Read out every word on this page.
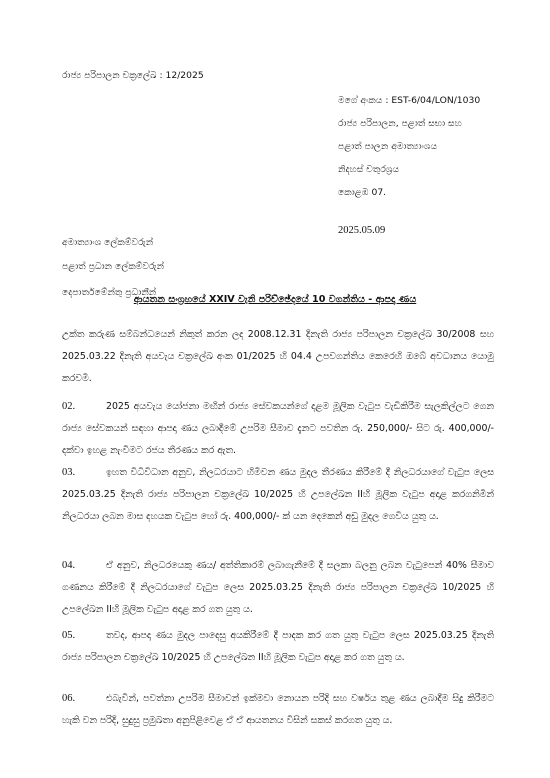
රාජ්‍ය පරිපාලන චක්‍රලේඛ : 12/2025
මගේ අංකය : EST-6/04/LON/1030
රාජ්‍ය පරිපාලන, පළාත් සභා සහ
පළාත් පාලන අමාත්‍යාංශය
නිදහස් චතුරශ්‍රය
කොළඹ 07.
2025.05.09
අමාත්‍යාංශ ලේකම්වරුන්
පළාත් ප්‍රධාන ලේකම්වරුන්
දෙපාර්තමේන්තු ප්‍රධානීන්
ආයතන සංග්‍රහයේ XXIV වැනි පරිච්ඡේදයේ 10 වගන්තිය - ආපදා ණය
උක්ත කරුණ සම්බන්ධයෙන් නිකුත් කරන ලද 2008.12.31 දිනැති රාජ්‍ය පරිපාලන චක්‍රලේඛ 30/2008 සහ 2025.03.22 දිනැති අයවැය චක්‍රලේඛ අංක 01/2025 හි 04.4 උපවගන්තිය කෙරෙහි ඔබේ අවධානය යොමු කරවමි.
02.	2025 අයවැය යෝජනා මඟින් රාජ්‍ය සේවකයන්ගේ දළම මූලික වැටුප වැඩිකිරීම සැලකිල්ලට ගෙන රාජ්‍ය සේවකයන් සඳහා ආපදා ණය ලබාදීමේ උපරිම සීමාව දැනට පවතින රු. 250,000/- සිට රු. 400,000/- දක්වා ඉහළ නැංවීමට රජය තීරණය කර ඇත.
03.	ඉහත විධිවිධාන අනුව, නිලධරයාට හිමිවන ණය මුදල තීරණය කිරීමේ දී නිලධරයාගේ වැටුප ලෙස 2025.03.25 දිනැති රාජ්‍ය පරිපාලන චක්‍රලේඛ 10/2025 හි උපලේඛන IIහි මූලික වැටුප අදාළ කරගනිමින් නිලධරයා ලබන මාස දහයක වැටුප හෝ රු. 400,000/- ක් යන දෙකෙන් අඩු මුදල ගෙවිය යුතු ය.
04.	ඒ අනුව, නිලධරයෙකු ණය/ අත්තිකාරම් ලබාගැනීමේ දී සලකා බලනු ලබන වැටුපෙන් 40% සීමාව ගණනය කිරීමේ දී නිලධරයාගේ වැටුප ලෙස 2025.03.25 දිනැති රාජ්‍ය පරිපාලන චක්‍රලේඛ 10/2025 හි උපලේඛන IIහි මූලික වැටුප අදාළ කර ගත යුතු ය.
05.	තවද, ආපදා ණය මුදල පාදෙසු අයකිරීමේ දී පාදක කර ගත යුතු වැටුප ලෙස 2025.03.25 දිනැති රාජ්‍ය පරිපාලන චක්‍රලේඛ 10/2025 හි උපලේඛන IIහි මූලික වැටුප අදාළ කර ගත යුතු ය.
06.	එබැවින්, පවත්නා උපරිම සීමාවන් ඉක්මවා නොයන පරිදි සහ වර්ෂය තුළ ණය ලබාදීම සිදු කිරීමට හැකි වන පරිදි, සුදුසු ප්‍රමුඛතා අනුපිළිවෙළ ඒ ඒ ආයතනය විසින් සකස් කරගත යුතු ය.
